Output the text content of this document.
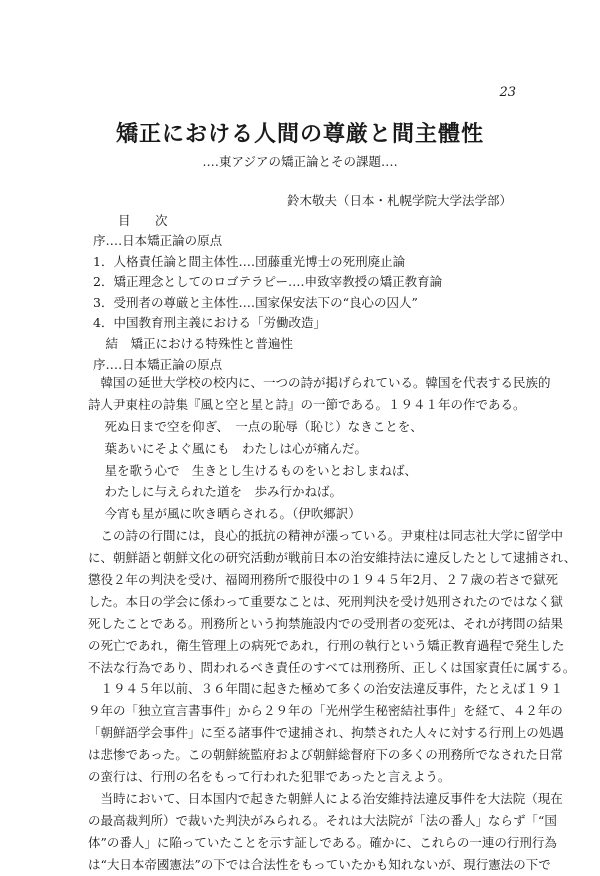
23
矯正における人間の尊厳と間主體性
‥‥東アジアの矯正論とその課題‥‥
鈴木敬夫（日本・札幌学院大学法学部）
目　次
序‥‥日本矯正論の原点
1．人格責任論と間主体性‥‥団藤重光博士の死刑廃止論
2．矯正理念としてのロゴテラピー‥‥申致宰教授の矯正教育論
3．受刑者の尊厳と主体性‥‥国家保安法下の“良心の囚人”
4．中国教育刑主義における「労働改造」
　結　矯正における特殊性と普遍性
序‥‥日本矯正論の原点
　韓国の延世大学校の校内に、一つの詩が掲げられている。韓国を代表する民族的
詩人尹東柱の詩集『風と空と星と詩』の一節である。１９４１年の作である。
　死ぬ日まで空を仰ぎ、　一点の恥辱（恥じ）なきことを、
　葉あいにそよぐ風にも　わたしは心が痛んだ。
　星を歌う心で　生きとし生けるものをいとおしまねば、
　わたしに与えられた道を　歩み行かねば。
　今宵も星が風に吹き晒らされる。（伊吹郷訳）
　この詩の行間には，良心的抵抗の精神が漲っている。尹東柱は同志社大学に留学中
に、朝鮮語と朝鮮文化の研究活動が戦前日本の治安維持法に違反したとして逮捕され、
懲役２年の判決を受け、福岡刑務所で服役中の１９４５年2月、２７歳の若さで獄死
した。本日の学会に係わって重要なことは、死刑判決を受け処刑されたのではなく獄
死したことである。刑務所という拘禁施設内での受刑者の変死は、それが拷問の結果
の死亡であれ，衛生管理上の病死であれ，行刑の執行という矯正教育過程で発生した
不法な行為であり、問われるべき責任のすべては刑務所、正しくは国家責任に属する。
　１９４５年以前、３６年間に起きた極めて多くの治安法違反事件，たとえば１９１
９年の「独立宣言書事件」から２９年の「光州学生秘密結社事件」を経て、４２年の
「朝鮮語学会事件」に至る諸事件で逮捕され、拘禁された人々に対する行刑上の処遇
は悲惨であった。この朝鮮統監府および朝鮮総督府下の多くの刑務所でなされた日常
の蛮行は、行刑の名をもって行われた犯罪であったと言えよう。
　当時において、日本国内で起きた朝鮮人による治安維持法違反事件を大法院（現在
の最高裁判所）で裁いた判決がみられる。それは大法院が「法の番人」ならず「“国
体”の番人」に陥っていたことを示す証しである。確かに、これらの一連の行刑行為
は“大日本帝國憲法”の下では合法性をもっていたかも知れないが、現行憲法の下で
